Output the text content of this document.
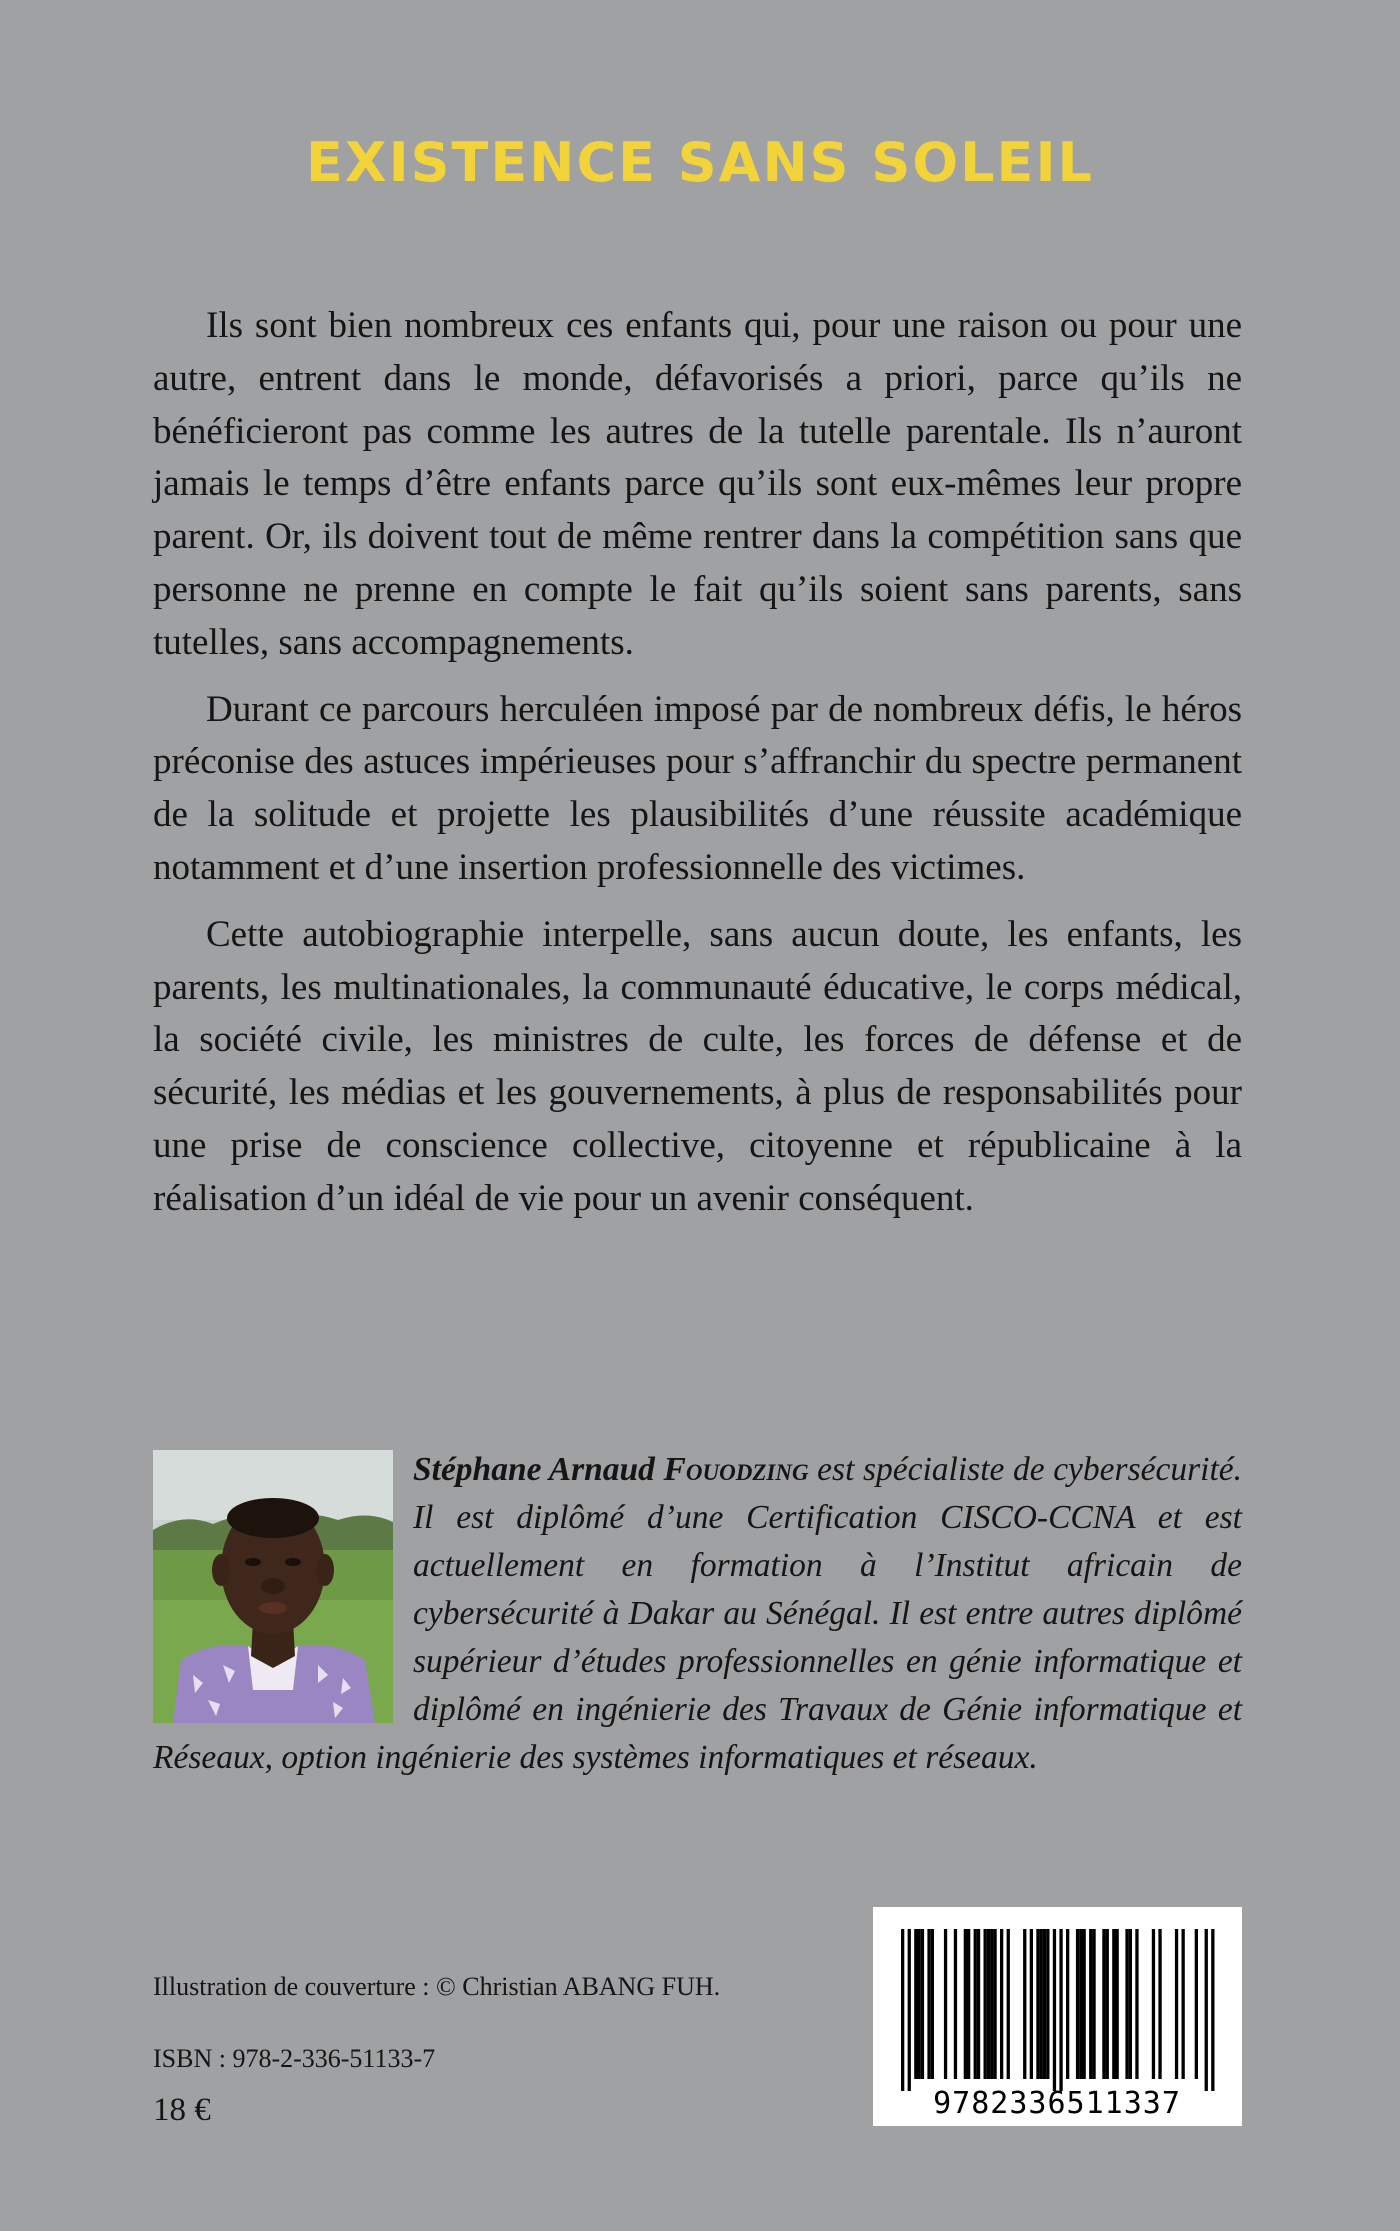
EXISTENCE SANS SOLEIL

Ils sont bien nombreux ces enfants qui, pour une raison ou pour une autre, entrent dans le monde, défavorisés a priori, parce qu’ils ne bénéficieront pas comme les autres de la tutelle parentale. Ils n’auront jamais le temps d’être enfants parce qu’ils sont eux-mêmes leur propre parent. Or, ils doivent tout de même rentrer dans la compétition sans que personne ne prenne en compte le fait qu’ils soient sans parents, sans tutelles, sans accompagnements.

Durant ce parcours herculéen imposé par de nombreux défis, le héros préconise des astuces impérieuses pour s’affranchir du spectre permanent de la solitude et projette les plausibilités d’une réussite académique notamment et d’une insertion professionnelle des victimes.

Cette autobiographie interpelle, sans aucun doute, les enfants, les parents, les multinationales, la communauté éducative, le corps médical, la société civile, les ministres de culte, les forces de défense et de sécurité, les médias et les gouvernements, à plus de responsabilités pour une prise de conscience collective, citoyenne et républicaine à la réalisation d’un idéal de vie pour un avenir conséquent.

Stéphane Arnaud Fouodzing est spécialiste de cybersécurité. Il est diplômé d’une Certification CISCO-CCNA et est actuellement en formation à l’Institut africain de cybersécurité à Dakar au Sénégal. Il est entre autres diplômé supérieur d’études professionnelles en génie informatique et diplômé en ingénierie des Travaux de Génie informatique et Réseaux, option ingénierie des systèmes informatiques et réseaux.
Illustration de couverture : © Christian ABANG FUH.
ISBN : 978-2-336-51133-7
18 €	9782336511337
